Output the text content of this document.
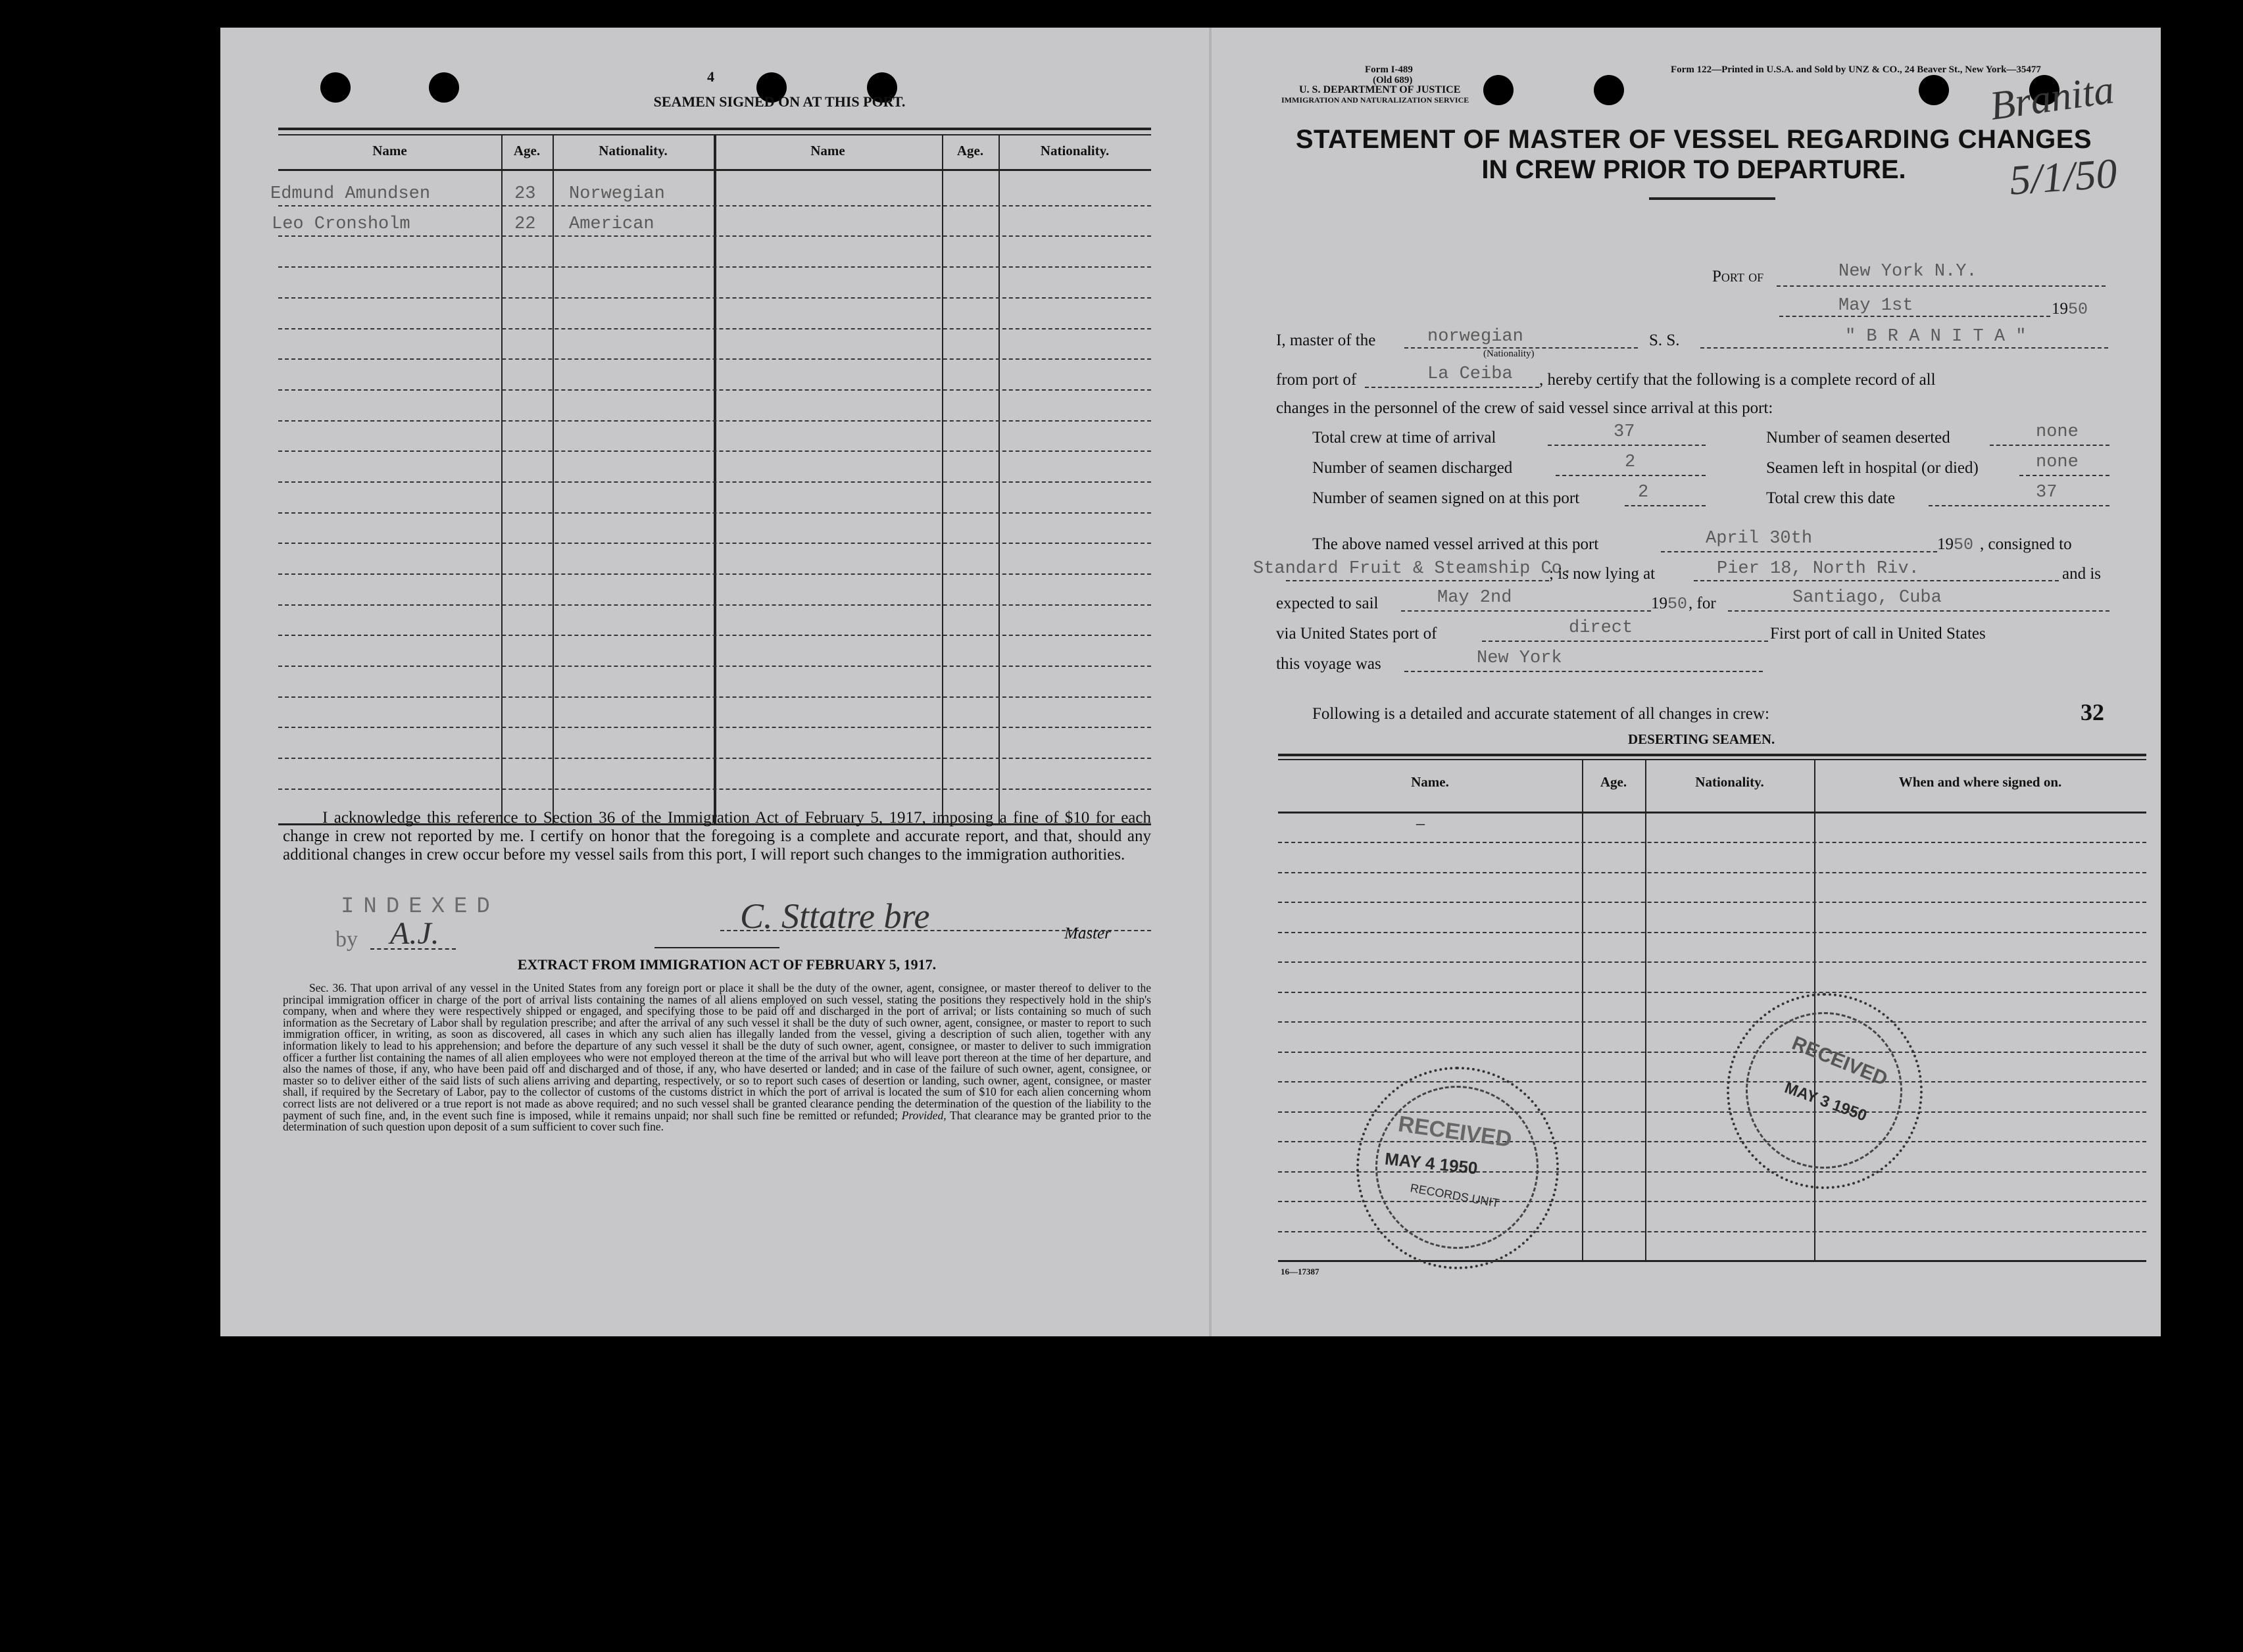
4
SEAMEN SIGNED ON AT THIS PORT.
Name	Age.	Nationality.	Name	Age.	Nationality.
Edmund Amundsen	23 Norwegian
Leo Cronsholm	22 American
I acknowledge this reference to Section 36 of the Immigration Act of February 5, 1917, imposing a fine of $10 for each change in crew not reported by me. I certify on honor that the foregoing is a complete and accurate report, and that, should any additional changes in crew occur before my vessel sails from this port, I will report such changes to the immigration authorities.
INDEXED
by A.J.	C. Sttatre bre	Master
EXTRACT FROM IMMIGRATION ACT OF FEBRUARY 5, 1917.
Sec. 36. That upon arrival of any vessel in the United States from any foreign port or place it shall be the duty of the owner, agent, consignee, or master thereof to deliver to the principal immigration officer in charge of the port of arrival lists containing the names of all aliens employed on such vessel, stating the positions they respectively hold in the ship's company, when and where they were respectively shipped or engaged, and specifying those to be paid off and discharged in the port of arrival; or lists containing so much of such information as the Secretary of Labor shall by regulation prescribe; and after the arrival of any such vessel it shall be the duty of such owner, agent, consignee, or master to report to such immigration officer, in writing, as soon as discovered, all cases in which any such alien has illegally landed from the vessel, giving a description of such alien, together with any information likely to lead to his apprehension; and before the departure of any such vessel it shall be the duty of such owner, agent, consignee, or master to deliver to such immigration officer a further list containing the names of all alien employees who were not employed thereon at the time of the arrival but who will leave port thereon at the time of her departure, and also the names of those, if any, who have been paid off and discharged and of those, if any, who have deserted or landed; and in case of the failure of such owner, agent, consignee, or master so to deliver either of the said lists of such aliens arriving and departing, respectively, or so to report such cases of desertion or landing, such owner, agent, consignee, or master shall, if required by the Secretary of Labor, pay to the collector of customs of the customs district in which the port of arrival is located the sum of $10 for each alien concerning whom correct lists are not delivered or a true report is not made as above required; and no such vessel shall be granted clearance pending the determination of the question of the liability to the payment of such fine, and, in the event such fine is imposed, while it remains unpaid; nor shall such fine be remitted or refunded; Provided, That clearance may be granted prior to the determination of such question upon deposit of a sum sufficient to cover such fine.
Form I-489
(Old 689)
U. S. DEPARTMENT OF JUSTICE
IMMIGRATION AND NATURALIZATION SERVICE
Form 122—Printed in U.S.A. and Sold by UNZ & CO., 24 Beaver St., New York—35477
Branita
5/1/50
STATEMENT OF MASTER OF VESSEL REGARDING CHANGES
IN CREW PRIOR TO DEPARTURE.
Port of	New York N.Y.
May 1st	1950
I, master of the	norwegian
(Nationality)
S. S.	" B R A N I T A "
from port of	La Ceiba , hereby certify that the following is a complete record of all
changes in the personnel of the crew of said vessel since arrival at this port:
Total crew at time of arrival	37	Number of seamen deserted	none
Number of seamen discharged	2	Seamen left in hospital (or died)	none
Number of seamen signed on at this port	2	Total crew this date	37
The above named vessel arrived at this port	April 30th	1950 , consigned to
Standard Fruit & Steamship Co.
; is now lying at	Pier 18, North Riv.	and is
expected to sail	May 2nd	1950 , for	Santiago, Cuba
via United States port of	direct	First port of call in United States
this voyage was	New York
Following is a detailed and accurate statement of all changes in crew:	32
DESERTING SEAMEN.
Name.	Age.	Nationality.	When and where signed on.
–
16—17387
RECEIVED
MAY 4 1950
RECORDS UNIT
RECEIVED
MAY 3 1950
